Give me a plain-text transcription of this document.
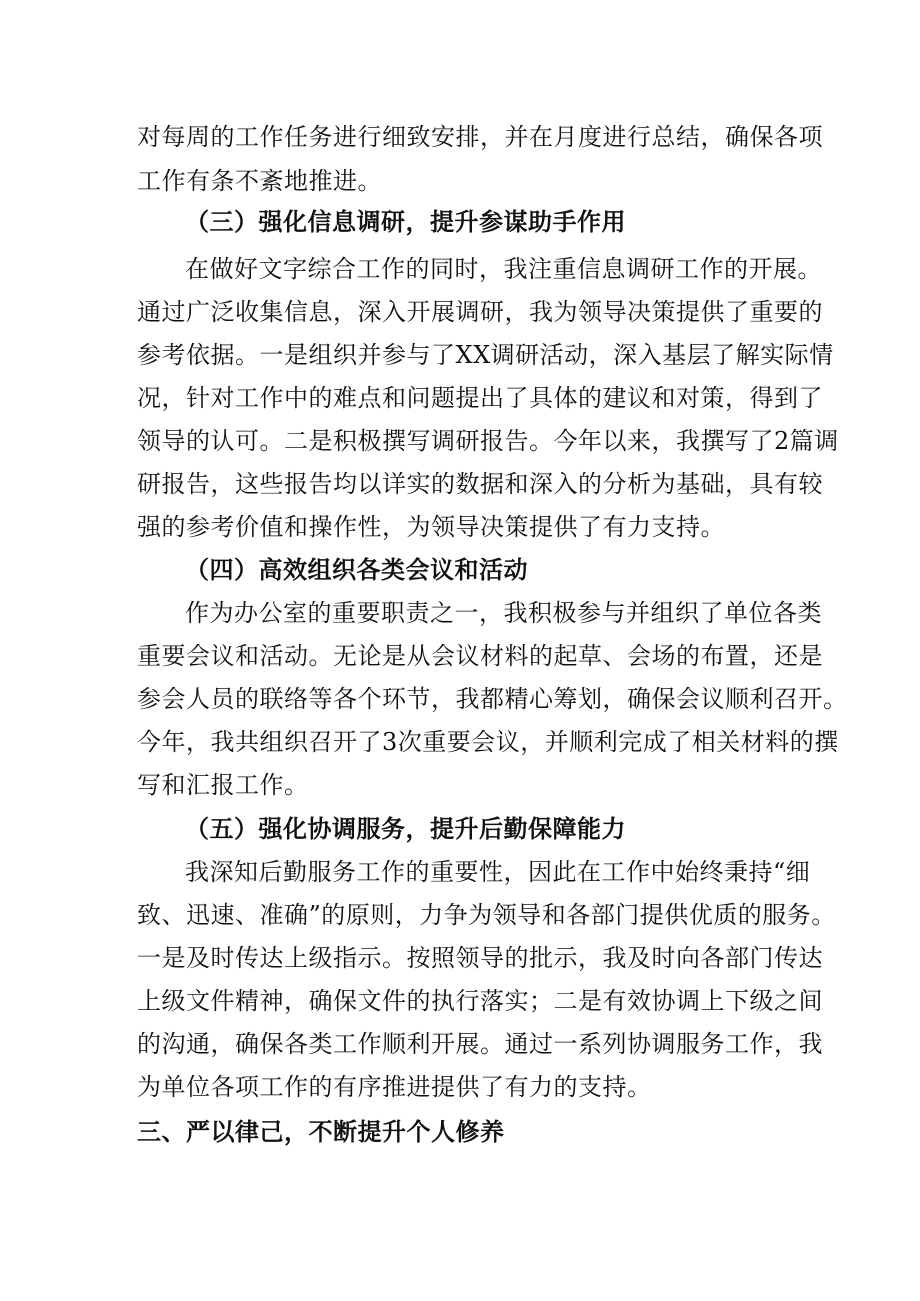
对每周的工作任务进行细致安排，并在月度进行总结，确保各项
工作有条不紊地推进。
（三）强化信息调研，提升参谋助手作用
在做好文字综合工作的同时，我注重信息调研工作的开展。
通过广泛收集信息，深入开展调研，我为领导决策提供了重要的
参考依据。一是组织并参与了XX调研活动，深入基层了解实际情
况，针对工作中的难点和问题提出了具体的建议和对策，得到了
领导的认可。二是积极撰写调研报告。今年以来，我撰写了2篇调
研报告，这些报告均以详实的数据和深入的分析为基础，具有较
强的参考价值和操作性，为领导决策提供了有力支持。
（四）高效组织各类会议和活动
作为办公室的重要职责之一，我积极参与并组织了单位各类
重要会议和活动。无论是从会议材料的起草、会场的布置，还是
参会人员的联络等各个环节，我都精心筹划，确保会议顺利召开。
今年，我共组织召开了3次重要会议，并顺利完成了相关材料的撰
写和汇报工作。
（五）强化协调服务，提升后勤保障能力
我深知后勤服务工作的重要性，因此在工作中始终秉持“细
致、迅速、准确”的原则，力争为领导和各部门提供优质的服务。
一是及时传达上级指示。按照领导的批示，我及时向各部门传达
上级文件精神，确保文件的执行落实；二是有效协调上下级之间
的沟通，确保各类工作顺利开展。通过一系列协调服务工作，我
为单位各项工作的有序推进提供了有力的支持。
三、严以律己，不断提升个人修养
